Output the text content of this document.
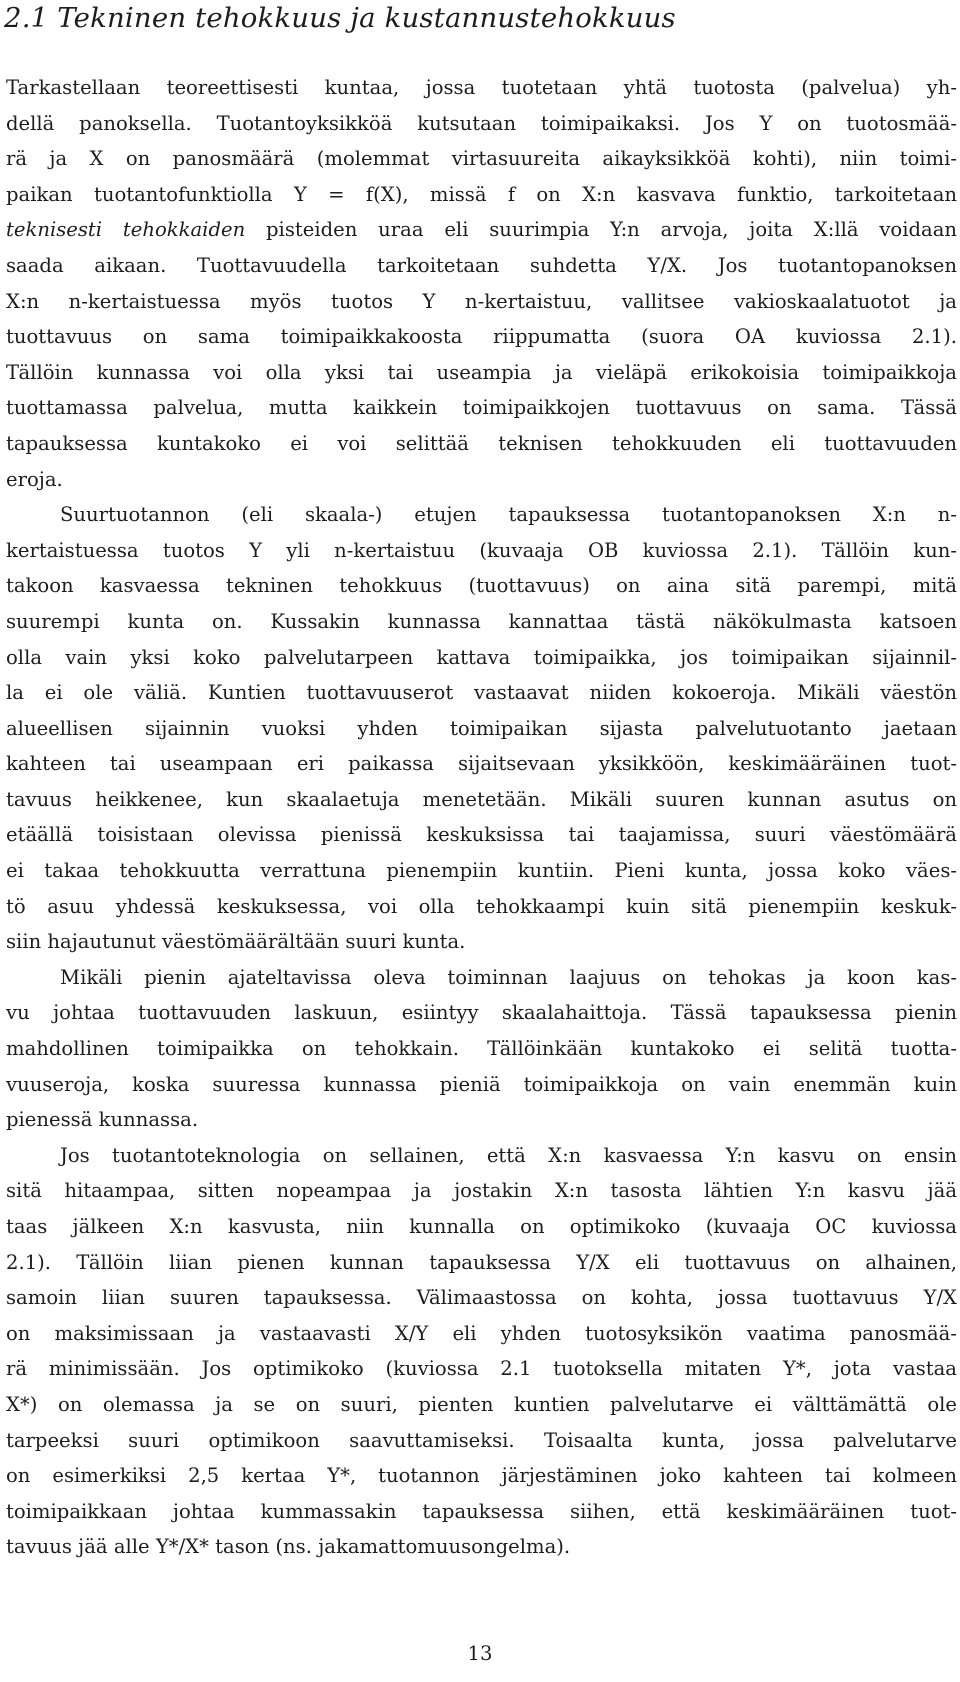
2.1 Tekninen tehokkuus ja kustannustehokkuus
Tarkastellaan teoreettisesti kuntaa, jossa tuotetaan yhtä tuotosta (palvelua) yh-
dellä panoksella. Tuotantoyksikköä kutsutaan toimipaikaksi. Jos Y on tuotosmää-
rä ja X on panosmäärä (molemmat virtasuureita aikayksikköä kohti), niin toimi-
paikan tuotantofunktiolla Y = f(X), missä f on X:n kasvava funktio, tarkoitetaan
teknisesti tehokkaiden pisteiden uraa eli suurimpia Y:n arvoja, joita X:llä voidaan
saada aikaan. Tuottavuudella tarkoitetaan suhdetta Y/X. Jos tuotantopanoksen
X:n n-kertaistuessa myös tuotos Y n-kertaistuu, vallitsee vakioskaalatuotot ja
tuottavuus on sama toimipaikkakoosta riippumatta (suora OA kuviossa 2.1).
Tällöin kunnassa voi olla yksi tai useampia ja vieläpä erikokoisia toimipaikkoja
tuottamassa palvelua, mutta kaikkein toimipaikkojen tuottavuus on sama. Tässä
tapauksessa kuntakoko ei voi selittää teknisen tehokkuuden eli tuottavuuden
eroja.
Suurtuotannon (eli skaala-) etujen tapauksessa tuotantopanoksen X:n n-
kertaistuessa tuotos Y yli n-kertaistuu (kuvaaja OB kuviossa 2.1). Tällöin kun-
takoon kasvaessa tekninen tehokkuus (tuottavuus) on aina sitä parempi, mitä
suurempi kunta on. Kussakin kunnassa kannattaa tästä näkökulmasta katsoen
olla vain yksi koko palvelutarpeen kattava toimipaikka, jos toimipaikan sijainnil-
la ei ole väliä. Kuntien tuottavuuserot vastaavat niiden kokoeroja. Mikäli väestön
alueellisen sijainnin vuoksi yhden toimipaikan sijasta palvelutuotanto jaetaan
kahteen tai useampaan eri paikassa sijaitsevaan yksikköön, keskimääräinen tuot-
tavuus heikkenee, kun skaalaetuja menetetään. Mikäli suuren kunnan asutus on
etäällä toisistaan olevissa pienissä keskuksissa tai taajamissa, suuri väestömäärä
ei takaa tehokkuutta verrattuna pienempiin kuntiin. Pieni kunta, jossa koko väes-
tö asuu yhdessä keskuksessa, voi olla tehokkaampi kuin sitä pienempiin keskuk-
siin hajautunut väestömäärältään suuri kunta.
Mikäli pienin ajateltavissa oleva toiminnan laajuus on tehokas ja koon kas-
vu johtaa tuottavuuden laskuun, esiintyy skaalahaittoja. Tässä tapauksessa pienin
mahdollinen toimipaikka on tehokkain. Tällöinkään kuntakoko ei selitä tuotta-
vuuseroja, koska suuressa kunnassa pieniä toimipaikkoja on vain enemmän kuin
pienessä kunnassa.
Jos tuotantoteknologia on sellainen, että X:n kasvaessa Y:n kasvu on ensin
sitä hitaampaa, sitten nopeampaa ja jostakin X:n tasosta lähtien Y:n kasvu jää
taas jälkeen X:n kasvusta, niin kunnalla on optimikoko (kuvaaja OC kuviossa
2.1). Tällöin liian pienen kunnan tapauksessa Y/X eli tuottavuus on alhainen,
samoin liian suuren tapauksessa. Välimaastossa on kohta, jossa tuottavuus Y/X
on maksimissaan ja vastaavasti X/Y eli yhden tuotosyksikön vaatima panosmää-
rä minimissään. Jos optimikoko (kuviossa 2.1 tuotoksella mitaten Y*, jota vastaa
X*) on olemassa ja se on suuri, pienten kuntien palvelutarve ei välttämättä ole
tarpeeksi suuri optimikoon saavuttamiseksi. Toisaalta kunta, jossa palvelutarve
on esimerkiksi 2,5 kertaa Y*, tuotannon järjestäminen joko kahteen tai kolmeen
toimipaikkaan johtaa kummassakin tapauksessa siihen, että keskimääräinen tuot-
tavuus jää alle Y*/X* tason (ns. jakamattomuusongelma).

13
